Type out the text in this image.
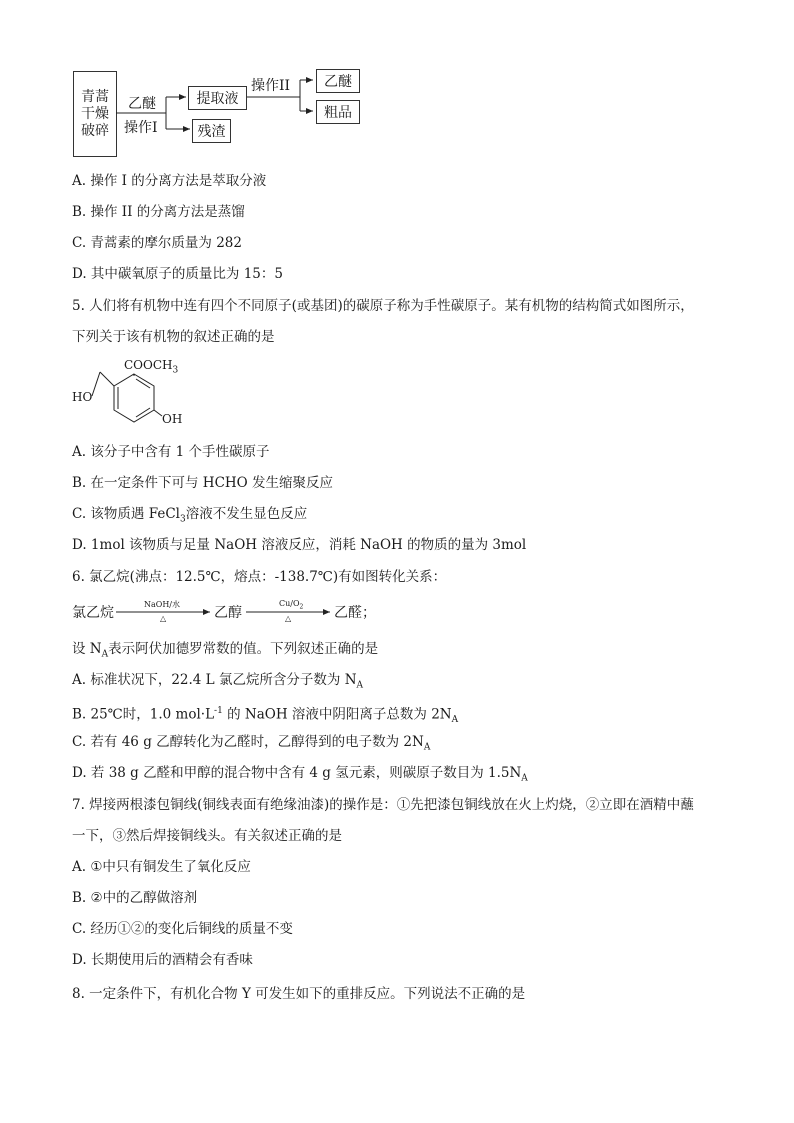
青蒿
干燥
破碎
乙醚
操作I
提取液
残渣
操作II	乙醚
粗品
A. 操作 I 的分离方法是萃取分液
B. 操作 II 的分离方法是蒸馏
C. 青蒿素的摩尔质量为 282
D. 其中碳氧原子的质量比为 15：5
5. 人们将有机物中连有四个不同原子(或基团)的碳原子称为手性碳原子。某有机物的结构简式如图所示，
下列关于该有机物的叙述正确的是
$COOCH_3$
HO
OH
A. 该分子中含有 1 个手性碳原子
B. 在一定条件下可与 HCHO 发生缩聚反应
C. 该物质遇 FeCl$_3$溶液不发生显色反应
D. 1mol 该物质与足量 NaOH 溶液反应，消耗 NaOH 的物质的量为 3mol
6. 氯乙烷(沸点：12.5℃，熔点：-138.7℃)有如图转化关系：
氯乙烷
NaOH/水
△	乙醇
$Cu/O_2$
△	乙醛；
设 $N_A$表示阿伏加德罗常数的值。下列叙述正确的是
A. 标准状况下，22.4 L 氯乙烷所含分子数为 $N_A$
B. 25℃时，1.0 $mol\cdot L^{-1}$ 的 NaOH 溶液中阴阳离子总数为 $2N_A$
C. 若有 46 g 乙醇转化为乙醛时，乙醇得到的电子数为 $2N_A$
D. 若 38 g 乙醛和甲醇的混合物中含有 4 g 氢元素，则碳原子数目为 $1.5N_A$
7. 焊接两根漆包铜线(铜线表面有绝缘油漆)的操作是：①先把漆包铜线放在火上灼烧，②立即在酒精中蘸
一下，③然后焊接铜线头。有关叙述正确的是
A. ①中只有铜发生了氧化反应
B. ②中的乙醇做溶剂
C. 经历①②的变化后铜线的质量不变
D. 长期使用后的酒精会有香味
8. 一定条件下，有机化合物 Y 可发生如下的重排反应。下列说法不正确的是
